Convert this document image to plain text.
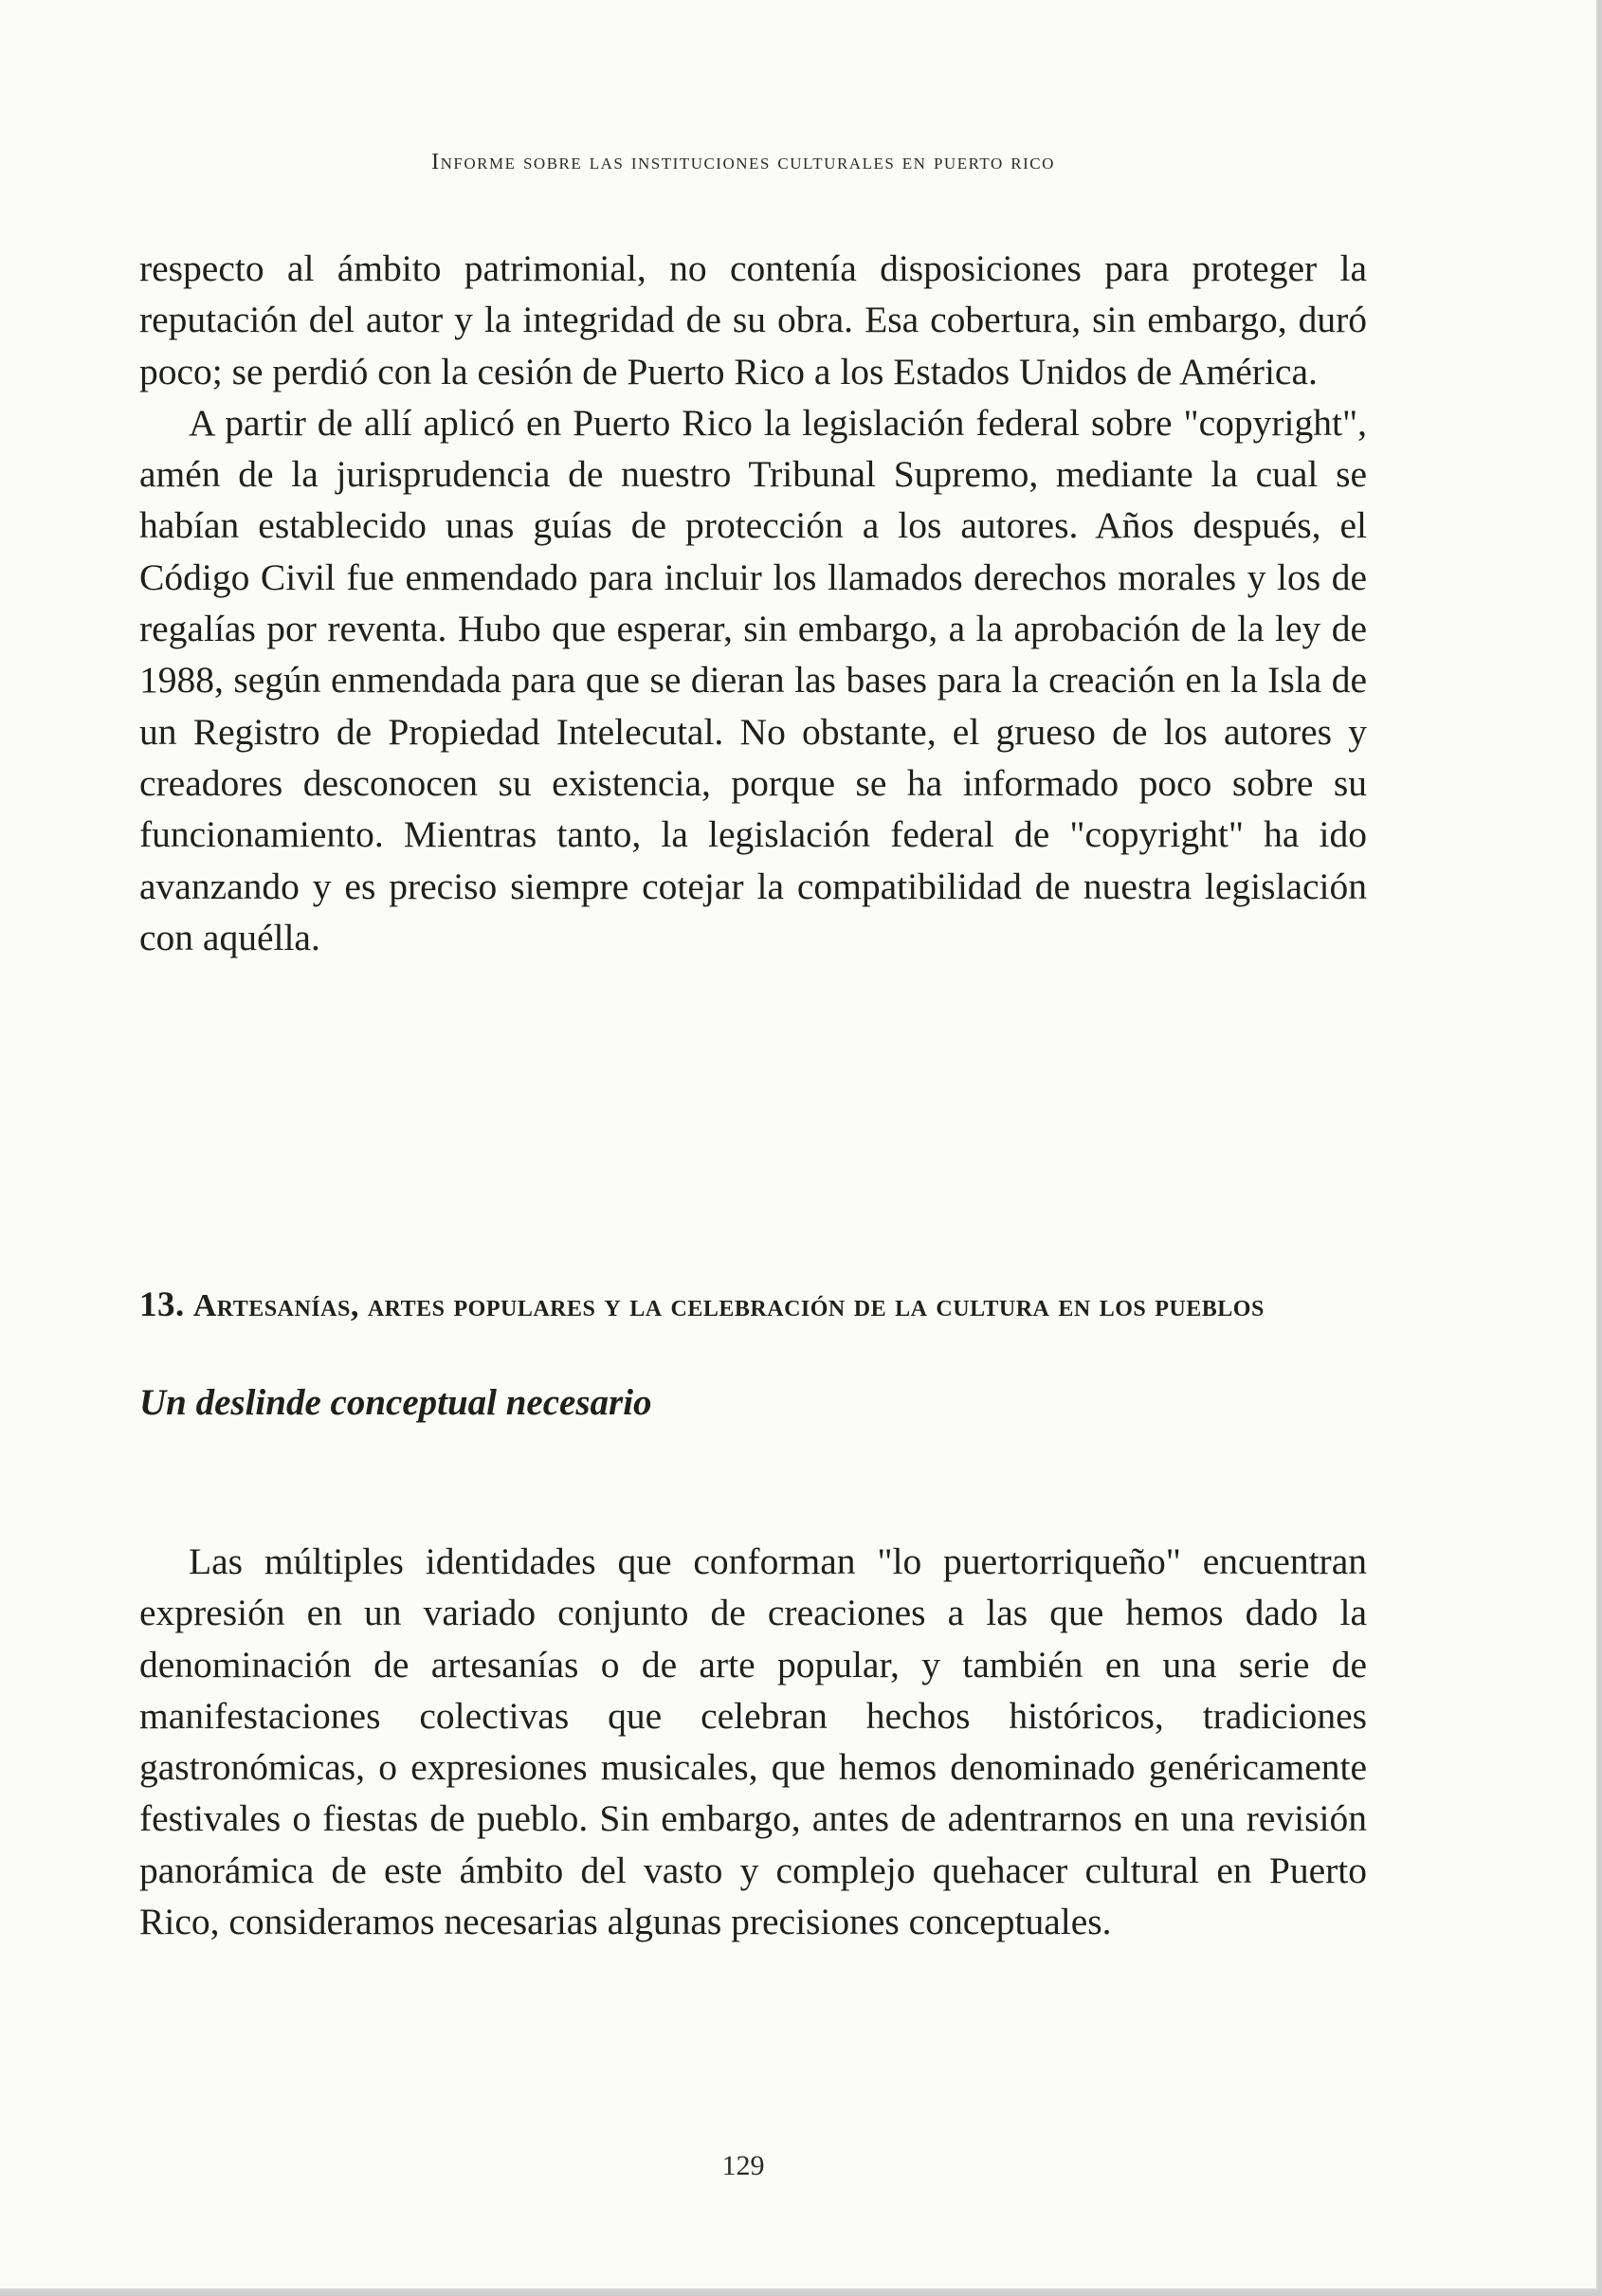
Informe sobre las instituciones culturales en puerto rico

respecto al ámbito patrimonial, no contenía disposiciones para proteger la reputación del autor y la integridad de su obra. Esa cobertura, sin embargo, duró poco; se perdió con la cesión de Puerto Rico a los Estados Unidos de América.

A partir de allí aplicó en Puerto Rico la legislación federal sobre "copyright", amén de la jurisprudencia de nuestro Tribunal Supremo, mediante la cual se habían establecido unas guías de protección a los autores. Años después, el Código Civil fue enmendado para incluir los llamados derechos morales y los de regalías por reventa. Hubo que esperar, sin embargo, a la aprobación de la ley de 1988, según enmendada para que se dieran las bases para la creación en la Isla de un Registro de Propiedad Intelecutal. No obstante, el grueso de los autores y creadores desconocen su existencia, porque se ha informado poco sobre su funcionamiento. Mientras tanto, la legislación federal de "copyright" ha ido avanzando y es preciso siempre cotejar la compatibilidad de nuestra legislación con aquélla.

13. Artesanías, artes populares y la celebración de la cultura en los pueblos
Un deslinde conceptual necesario

Las múltiples identidades que conforman "lo puertorriqueño" encuentran expresión en un variado conjunto de creaciones a las que hemos dado la denominación de artesanías o de arte popular, y también en una serie de manifestaciones colectivas que celebran hechos históricos, tradiciones gastronómicas, o expresiones musicales, que hemos denominado genéricamente festivales o fiestas de pueblo. Sin embargo, antes de adentrarnos en una revisión panorámica de este ámbito del vasto y complejo quehacer cultural en Puerto Rico, consideramos necesarias algunas precisiones conceptuales.

129
